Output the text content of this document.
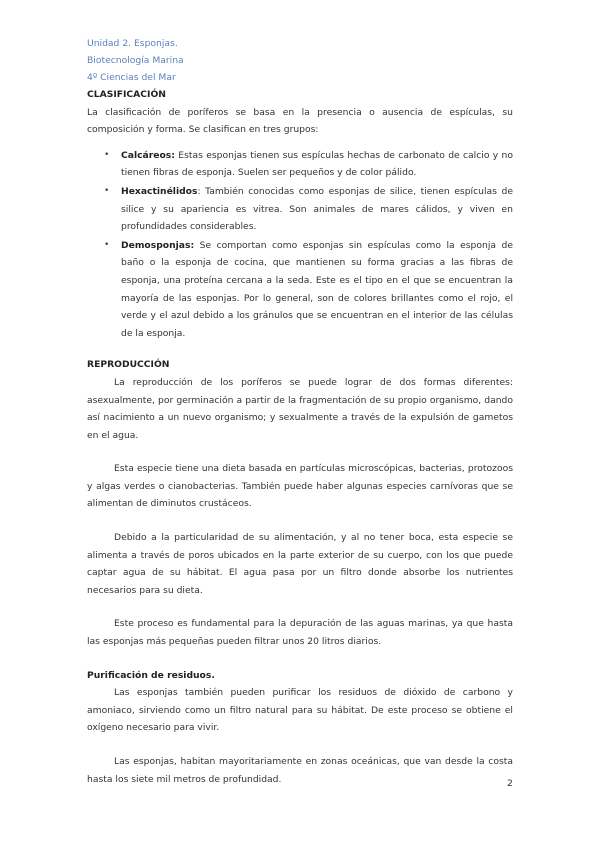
Unidad 2. Esponjas.
Biotecnología Marina
4º Ciencias del Mar
CLASIFICACIÓN

La clasificación de poríferos se basa en la presencia o ausencia de espículas, su composición y forma. Se clasifican en tres grupos:

• Calcáreos: Estas esponjas tienen sus espículas hechas de carbonato de calcio y no tienen fibras de esponja. Suelen ser pequeños y de color pálido.
• Hexactinélidos: También conocidas como esponjas de silice, tienen espículas de silice y su apariencia es vitrea. Son animales de mares cálidos, y viven en profundidades considerables.
• Demosponjas: Se comportan como esponjas sin espículas como la esponja de baño o la esponja de cocina, que mantienen su forma gracias a las fibras de esponja, una proteína cercana a la seda. Este es el tipo en el que se encuentran la mayoría de las esponjas. Por lo general, son de colores brillantes como el rojo, el verde y el azul debido a los gránulos que se encuentran en el interior de las células de la esponja.
REPRODUCCIÓN

La reproducción de los poríferos se puede lograr de dos formas diferentes: asexualmente, por germinación a partir de la fragmentación de su propio organismo, dando así nacimiento a un nuevo organismo; y sexualmente a través de la expulsión de gametos en el agua.

Esta especie tiene una dieta basada en partículas microscópicas, bacterias, protozoos y algas verdes o cianobacterias. También puede haber algunas especies carnívoras que se alimentan de diminutos crustáceos.

Debido a la particularidad de su alimentación, y al no tener boca, esta especie se alimenta a través de poros ubicados en la parte exterior de su cuerpo, con los que puede captar agua de su hábitat. El agua pasa por un filtro donde absorbe los nutrientes necesarios para su dieta.

Este proceso es fundamental para la depuración de las aguas marinas, ya que hasta las esponjas más pequeñas pueden filtrar unos 20 litros diarios.

Purificación de residuos.

Las esponjas también pueden purificar los residuos de dióxido de carbono y amoniaco, sirviendo como un filtro natural para su hábitat. De este proceso se obtiene el oxígeno necesario para vivir.

Las esponjas, habitan mayoritariamente en zonas oceánicas, que van desde la costa hasta los siete mil metros de profundidad.	2
